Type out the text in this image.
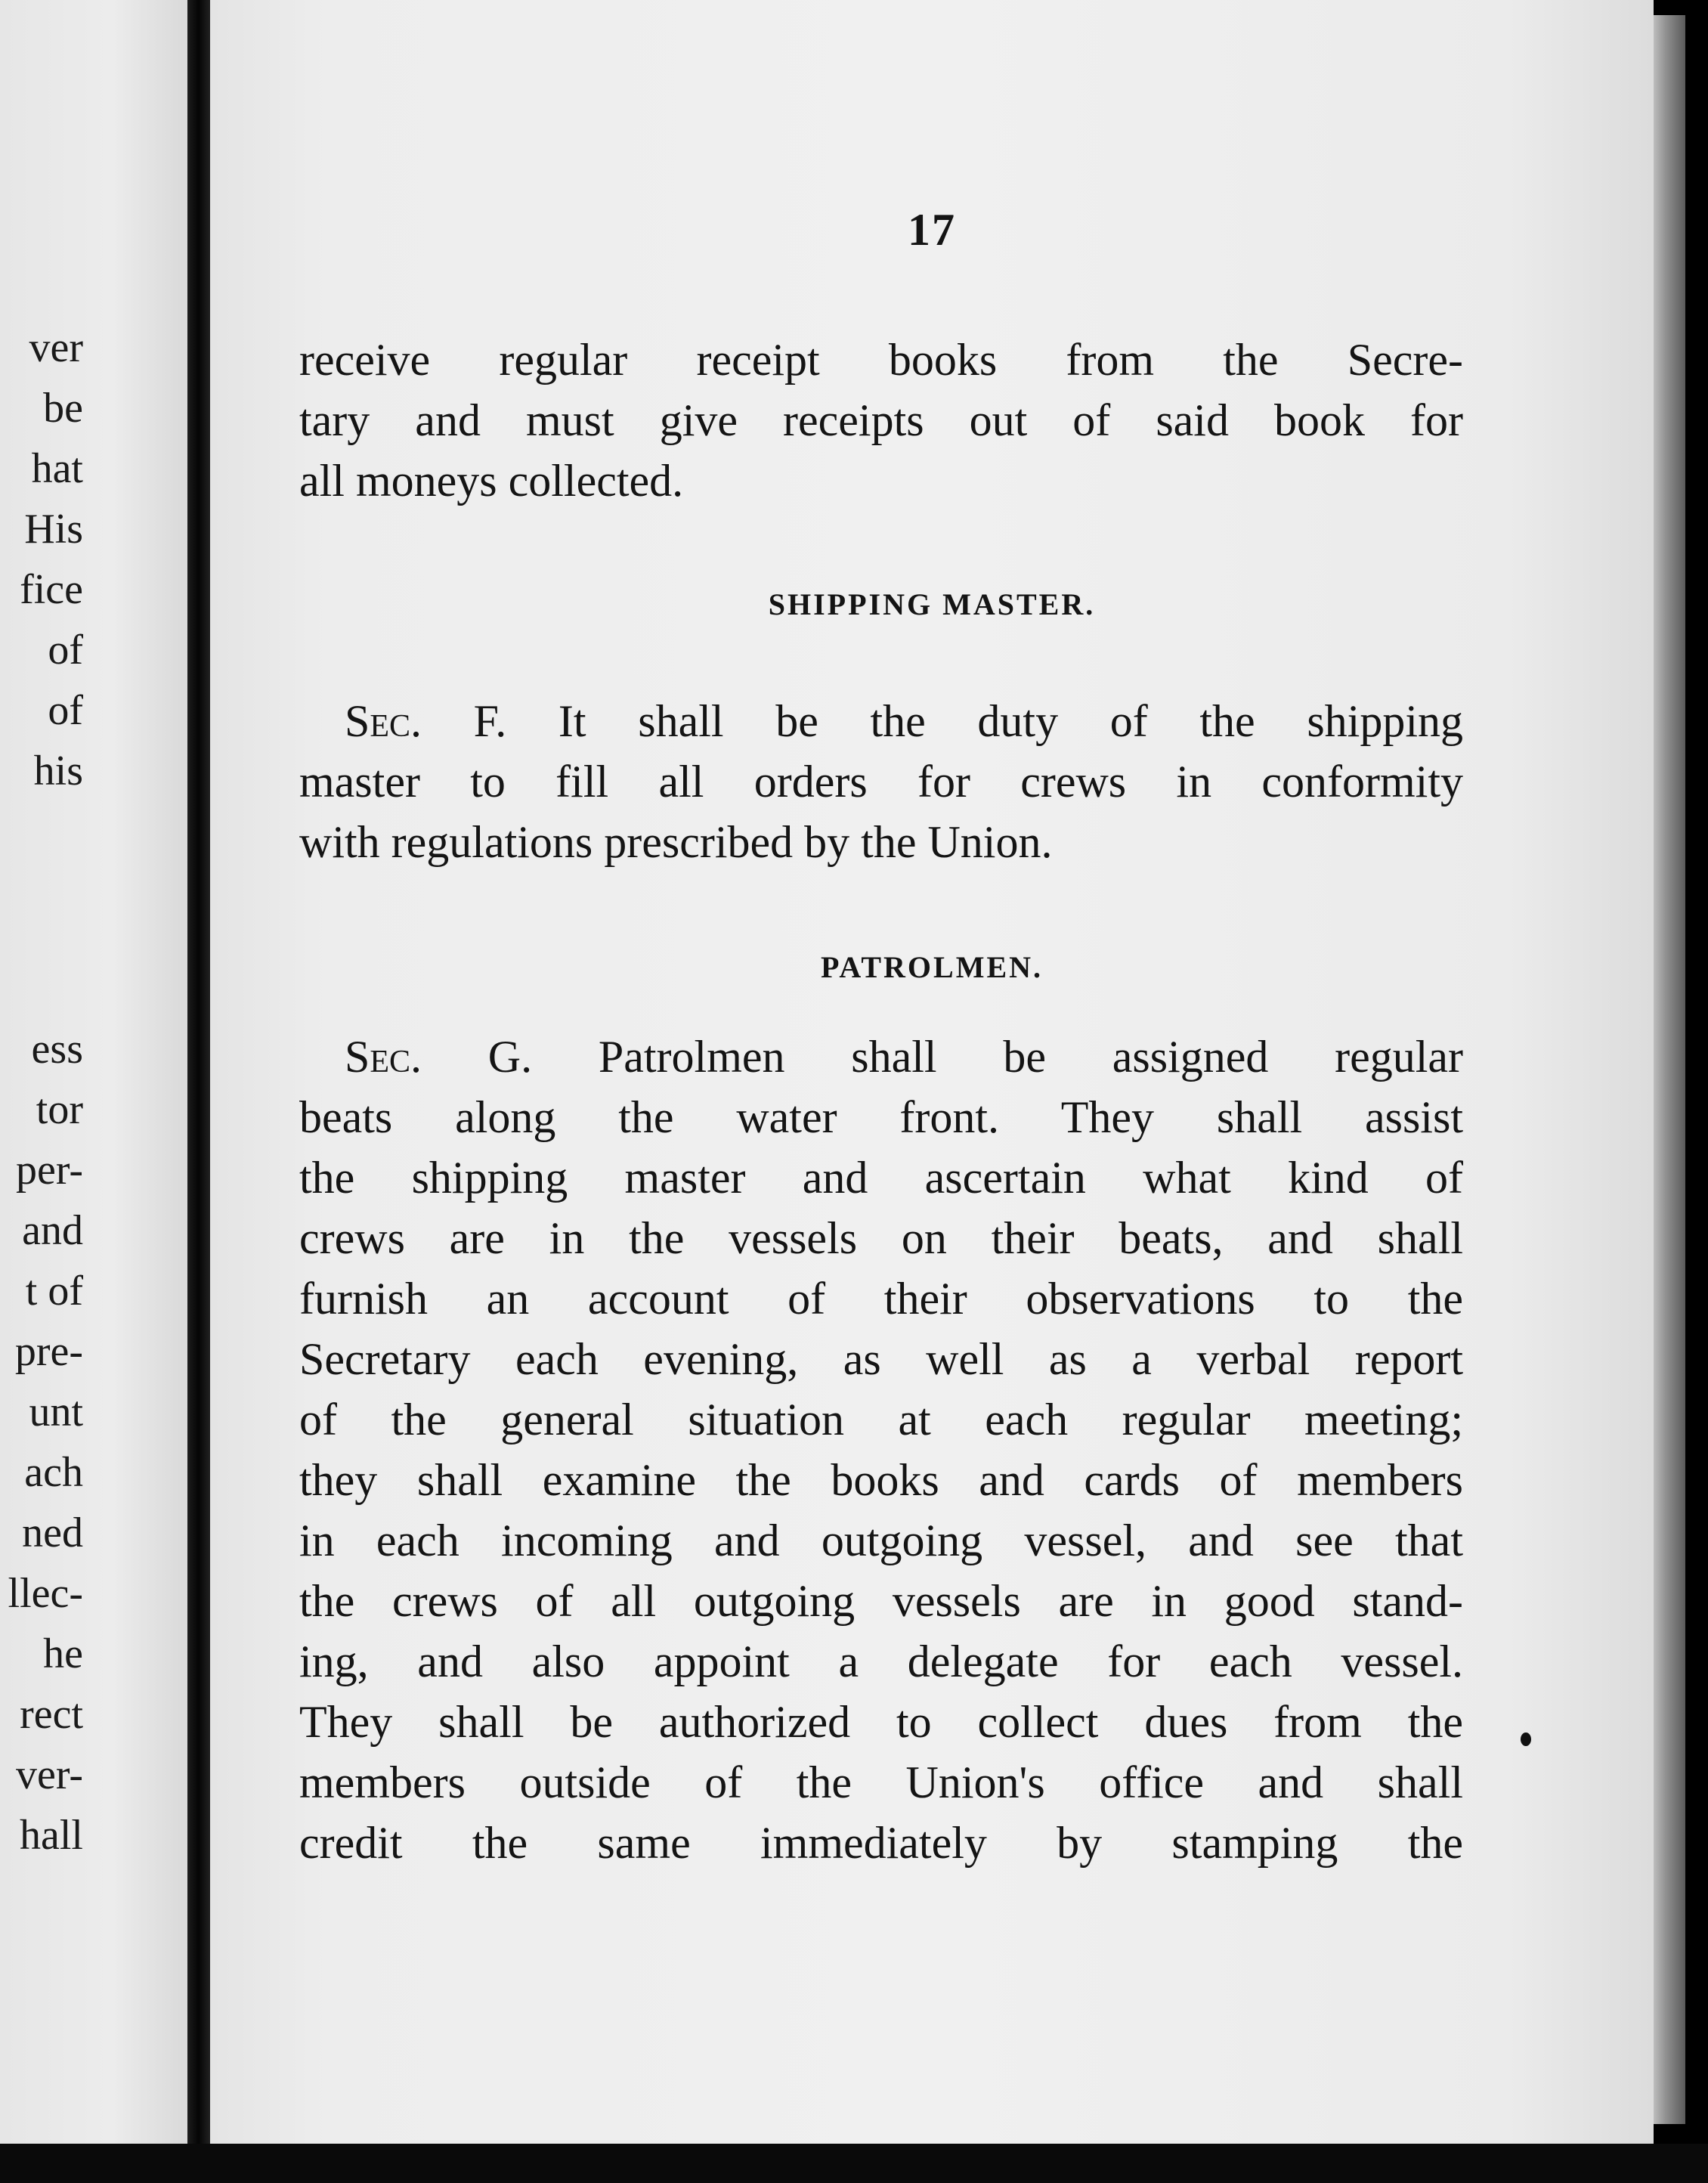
ver
be
hat
His
fice
of
of
his
ess
tor
per-
and
t of
pre-
unt
ach
ned
llec-
he
rect
ver-
hall
17
receive regular receipt books from the Secre-
tary and must give receipts out of said book for
all moneys collected.
SHIPPING MASTER.
Sec. F. It shall be the duty of the shipping
master to fill all orders for crews in conformity
with regulations prescribed by the Union.
PATROLMEN.
Sec. G. Patrolmen shall be assigned regular
beats along the water front. They shall assist
the shipping master and ascertain what kind of
crews are in the vessels on their beats, and shall
furnish an account of their observations to the
Secretary each evening, as well as a verbal report
of the general situation at each regular meeting;
they shall examine the books and cards of members
in each incoming and outgoing vessel, and see that
the crews of all outgoing vessels are in good stand-
ing, and also appoint a delegate for each vessel.
They shall be authorized to collect dues from the
members outside of the Union's office and shall
credit the same immediately by stamping the
